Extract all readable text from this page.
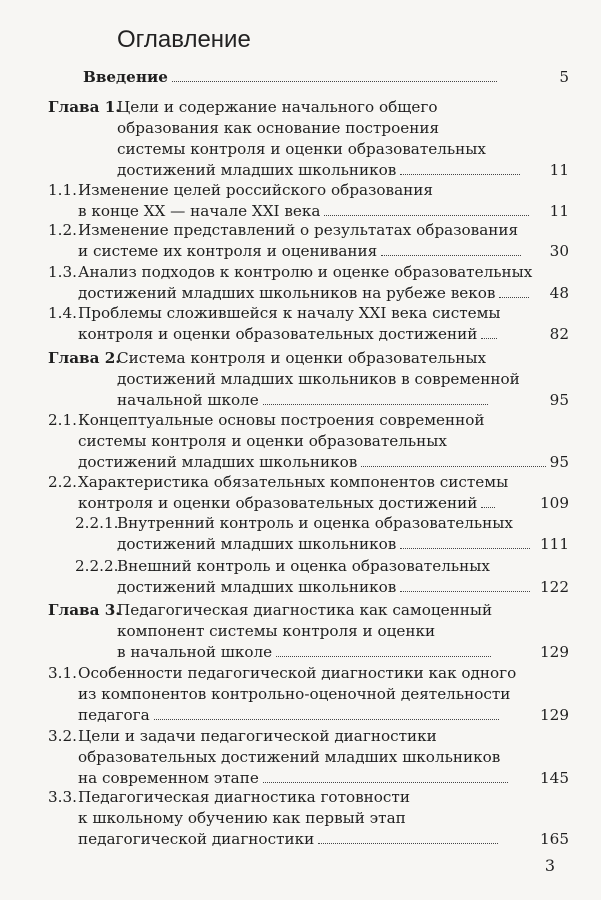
Оглавление
Введение	5
Глава 1.
Цели и содержание начального общего
образования как основание построения
системы контроля и оценки образовательных
достижений младших школьников	11
1.1. Изменение целей российского образования
в конце XX — начале XXI века	11
1.2. Изменение представлений о результатах образования
и системе их контроля и оценивания	30
1.3. Анализ подходов к контролю и оценке образовательных
достижений младших школьников на рубеже веков	48
1.4. Проблемы сложившейся к началу XXI века системы
контроля и оценки образовательных достижений	82
Глава 2.
Система контроля и оценки образовательных
достижений младших школьников в современной
начальной школе	95
2.1. Концептуальные основы построения современной
системы контроля и оценки образовательных
достижений младших школьников	95
2.2. Характеристика обязательных компонентов системы
контроля и оценки образовательных достижений	109
2.2.1.
Внутренний контроль и оценка образовательных
достижений младших школьников	111
2.2.2.
Внешний контроль и оценка образовательных
достижений младших школьников	122
Глава 3.
Педагогическая диагностика как самоценный
компонент системы контроля и оценки
в начальной школе	129
3.1. Особенности педагогической диагностики как одного
из компонентов контрольно-оценочной деятельности
педагога	129
3.2. Цели и задачи педагогической диагностики
образовательных достижений младших школьников
на современном этапе	145
3.3. Педагогическая диагностика готовности
к школьному обучению как первый этап
педагогической диагностики	165
3
